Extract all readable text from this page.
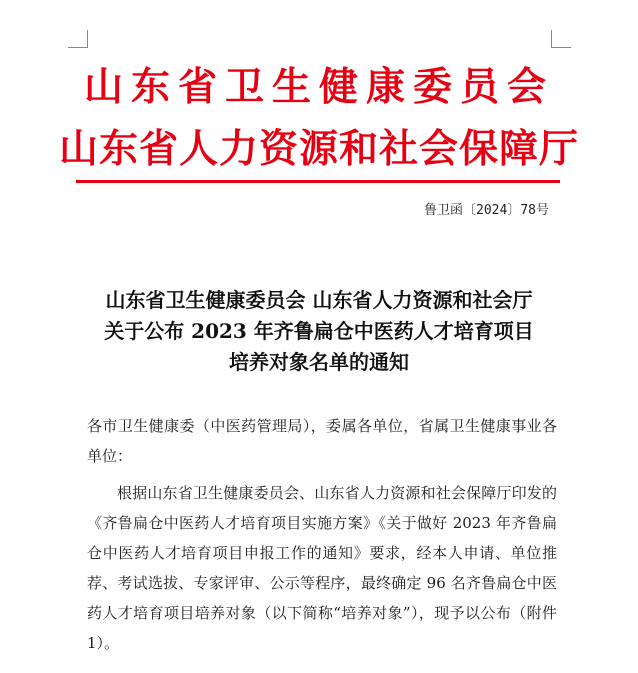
山东省卫生健康委员会
山东省人力资源和社会保障厅
鲁卫函〔2024〕78号
山东省卫生健康委员会 山东省人力资源和社会厅
关于公布 2023 年齐鲁扁仓中医药人才培育项目
培养对象名单的通知

各市卫生健康委（中医药管理局），委属各单位，省属卫生健康事业各单位：

根据山东省卫生健康委员会、山东省人力资源和社会保障厅印发的《齐鲁扁仓中医药人才培育项目实施方案》《关于做好 2023 年齐鲁扁仓中医药人才培育项目申报工作的通知》要求，经本人申请、单位推荐、考试选拔、专家评审、公示等程序，最终确定 96 名齐鲁扁仓中医药人才培育项目培养对象（以下简称“培养对象”），现予以公布（附件 1）。
